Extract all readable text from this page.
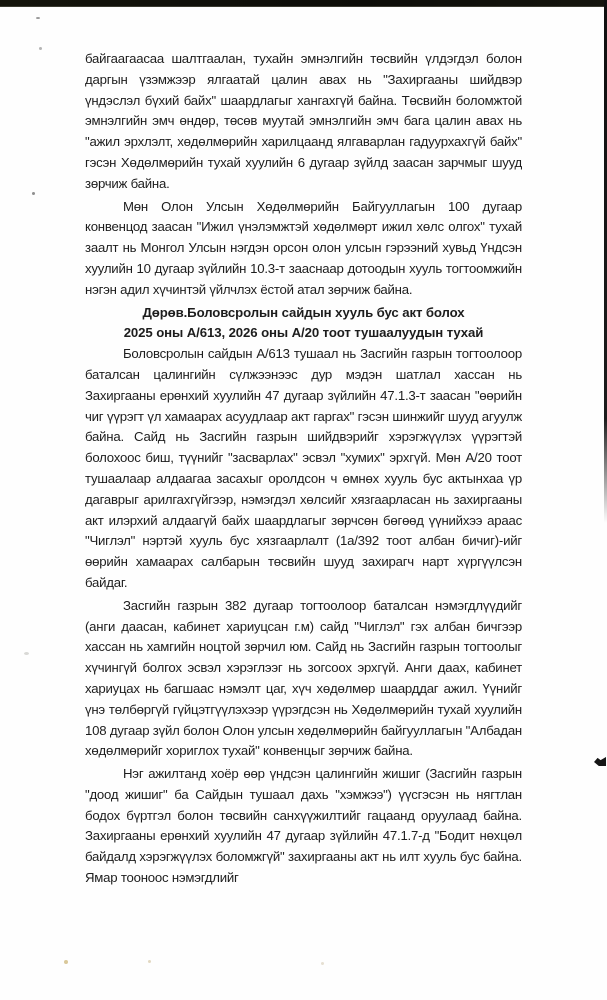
байгаагаасаа шалтгаалан, тухайн эмнэлгийн төсвийн үлдэгдэл болон даргын үзэмжээр ялгаатай цалин авах нь "Захиргааны шийдвэр үндэслэл бүхий байх" шаардлагыг хангахгүй байна. Төсвийн боломжтой эмнэлгийн эмч өндөр, төсөв муутай эмнэлгийн эмч бага цалин авах нь "ажил эрхлэлт, хөдөлмөрийн харилцаанд ялгаварлан гадуурхахгүй байх" гэсэн Хөдөлмөрийн тухай хуулийн 6 дугаар зүйлд заасан зарчмыг шууд зөрчиж байна.

Мөн Олон Улсын Хөдөлмөрийн Байгууллагын 100 дугаар конвенцод заасан "Ижил үнэлэмжтэй хөдөлмөрт ижил хөлс олгох" тухай заалт нь Монгол Улсын нэгдэн орсон олон улсын гэрээний хувьд Үндсэн хуулийн 10 дугаар зүйлийн 10.3-т зааснаар дотоодын хууль тогтоомжийн нэгэн адил хүчинтэй үйлчлэх ёстой атал зөрчиж байна.

Дөрөв.Боловсролын сайдын хууль бус акт болох
2025 оны А/613, 2026 оны А/20 тоот тушаалуудын тухай

Боловсролын сайдын А/613 тушаал нь Засгийн газрын тогтоолоор баталсан цалингийн сүлжээнээс дур мэдэн шатлал хассан нь Захиргааны ерөнхий хуулийн 47 дугаар зүйлийн 47.1.3-т заасан "өөрийн чиг үүрэгт үл хамаарах асуудлаар акт гаргах" гэсэн шинжийг шууд агуулж байна. Сайд нь Засгийн газрын шийдвэрийг хэрэгжүүлэх үүрэгтэй болохоос биш, түүнийг "засварлах" эсвэл "хумих" эрхгүй. Мөн А/20 тоот тушаалаар алдаагаа засахыг оролдсон ч өмнөх хууль бус актынхаа үр дагаврыг арилгахгүйгээр, нэмэгдэл хөлсийг хязгаарласан нь захиргааны акт илэрхий алдаагүй байх шаардлагыг зөрчсөн бөгөөд үүнийхээ араас "Чиглэл" нэртэй хууль бус хязгаарлалт (1а/392 тоот албан бичиг)-ийг өөрийн хамаарах салбарын төсвийн шууд захирагч нарт хүргүүлсэн байдаг.

Засгийн газрын 382 дугаар тогтоолоор баталсан нэмэгдлүүдийг (анги даасан, кабинет хариуцсан г.м) сайд "Чиглэл" гэх албан бичгээр хассан нь хамгийн ноцтой зөрчил юм. Сайд нь Засгийн газрын тогтоолыг хүчингүй болгох эсвэл хэрэглээг нь зогсоох эрхгүй. Анги даах, кабинет хариуцах нь багшаас нэмэлт цаг, хүч хөдөлмөр шаарддаг ажил. Үүнийг үнэ төлбөргүй гүйцэтгүүлэхээр үүрэгдсэн нь Хөдөлмөрийн тухай хуулийн 108 дугаар зүйл болон Олон улсын хөдөлмөрийн байгууллагын "Албадан хөдөлмөрийг хориглох тухай" конвенцыг зөрчиж байна.

Нэг ажилтанд хоёр өөр үндсэн цалингийн жишиг (Засгийн газрын "доод жишиг" ба Сайдын тушаал дахь "хэмжээ") үүсгэсэн нь нягтлан бодох бүртгэл болон төсвийн санхүүжилтийг гацаанд оруулаад байна. Захиргааны ерөнхий хуулийн 47 дугаар зүйлийн 47.1.7-д "Бодит нөхцөл байдалд хэрэгжүүлэх боломжгүй" захиргааны акт нь илт хууль бус байна. Ямар тооноос нэмэгдлийг
